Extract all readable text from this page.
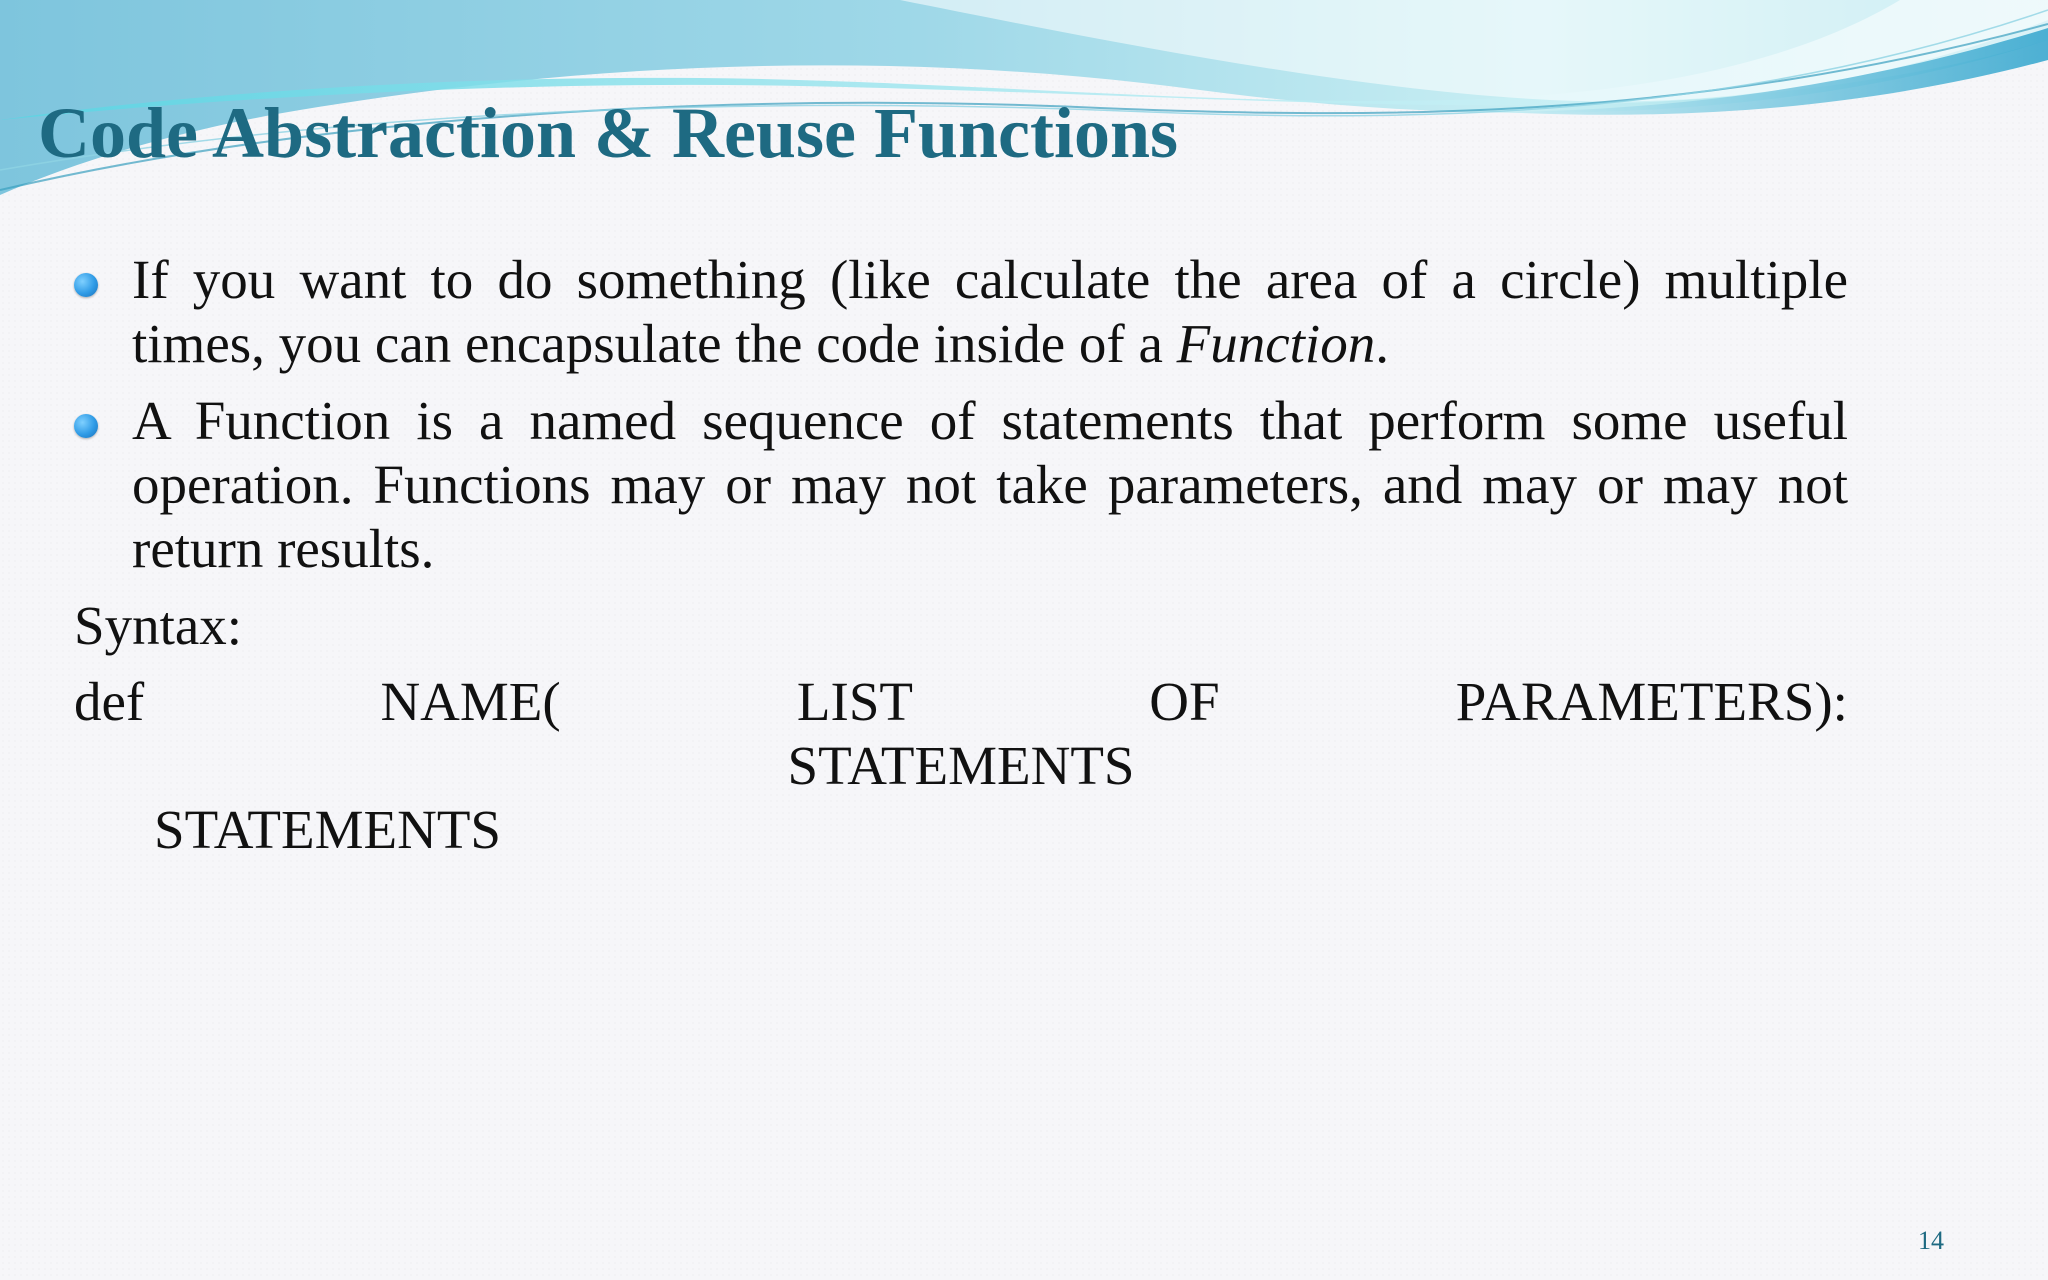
Code Abstraction & Reuse Functions
If you want to do something (like calculate the area of a circle) multiple times, you can encapsulate the code inside of a Function.
A Function is a named sequence of statements that perform some useful operation. Functions may or may not take parameters, and may or may not return results.

Syntax:

def	NAME(	LIST	OF	PARAMETERS):
STATEMENTS
STATEMENTS
14
